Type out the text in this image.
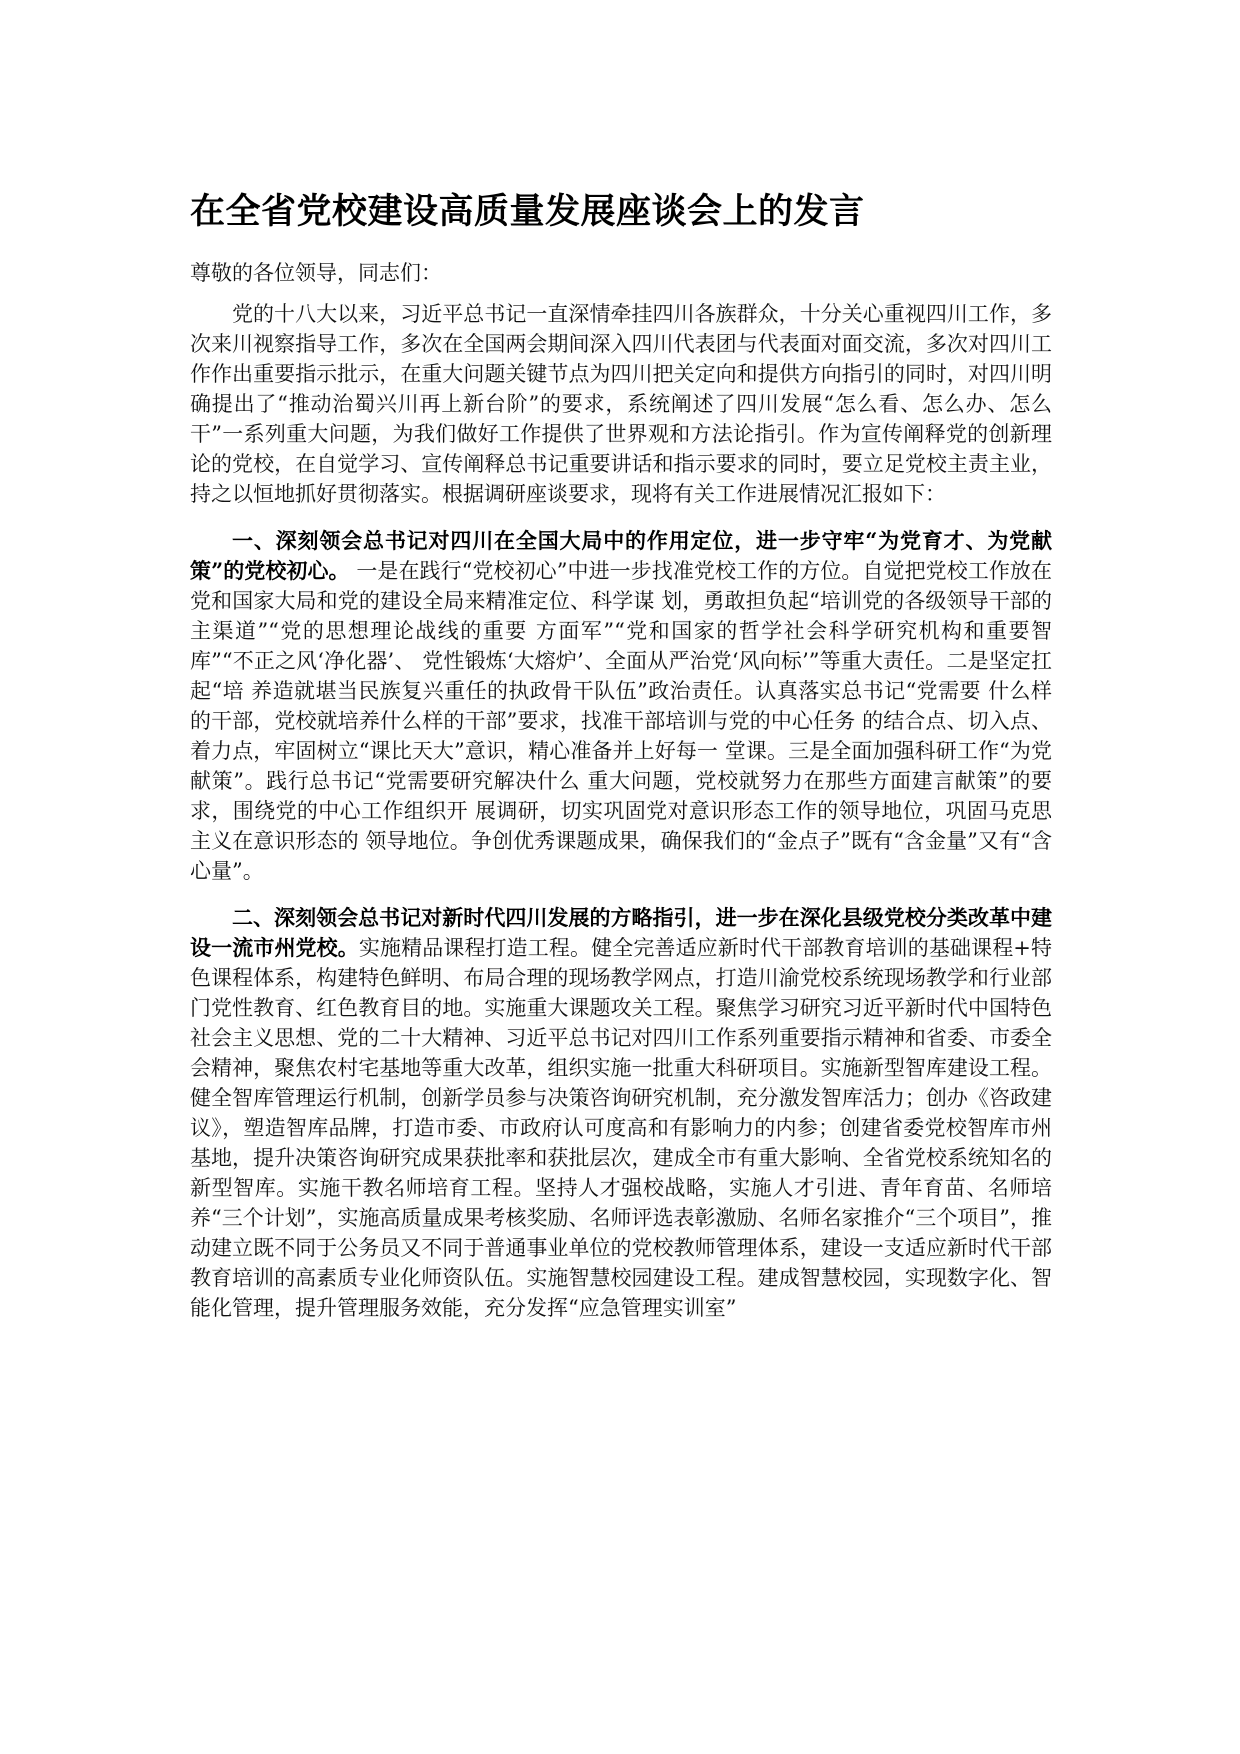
在全省党校建设高质量发展座谈会上的发言
尊敬的各位领导，同志们：

党的十八大以来，习近平总书记一直深情牵挂四川各族群众，十分关心重视四川工作，多次来川视察指导工作，多次在全国两会期间深入四川代表团与代表面对面交流，多次对四川工作作出重要指示批示，在重大问题关键节点为四川把关定向和提供方向指引的同时，对四川明确提出了“推动治蜀兴川再上新台阶”的要求，系统阐述了四川发展“怎么看、怎么办、怎么干”一系列重大问题，为我们做好工作提供了世界观和方法论指引。作为宣传阐释党的创新理论的党校，在自觉学习、宣传阐释总书记重要讲话和指示要求的同时，要立足党校主责主业，持之以恒地抓好贯彻落实。根据调研座谈要求，现将有关工作进展情况汇报如下：

一、深刻领会总书记对四川在全国大局中的作用定位，进一步守牢“为党育才、为党献策”的党校初心。 一是在践行“党校初心”中进一步找准党校工作的方位。自觉把党校工作放在党和国家大局和党的建设全局来精准定位、科学谋 划，勇敢担负起“培训党的各级领导干部的主渠道”“党的思想理论战线的重要 方面军”“党和国家的哲学社会科学研究机构和重要智库”“不正之风‘净化器’、 党性锻炼‘大熔炉’、全面从严治党‘风向标’”等重大责任。二是坚定扛起“培 养造就堪当民族复兴重任的执政骨干队伍”政治责任。认真落实总书记“党需要 什么样的干部，党校就培养什么样的干部”要求，找准干部培训与党的中心任务 的结合点、切入点、着力点，牢固树立“课比天大”意识，精心准备并上好每一 堂课。三是全面加强科研工作“为党献策”。践行总书记“党需要研究解决什么 重大问题，党校就努力在那些方面建言献策”的要求，围绕党的中心工作组织开 展调研，切实巩固党对意识形态工作的领导地位，巩固马克思主义在意识形态的 领导地位。争创优秀课题成果，确保我们的“金点子”既有“含金量”又有“含 心量”。

二、深刻领会总书记对新时代四川发展的方略指引，进一步在深化县级党校分类改革中建设一流市州党校。实施精品课程打造工程。健全完善适应新时代干部教育培训的基础课程+特色课程体系，构建特色鲜明、布局合理的现场教学网点，打造川渝党校系统现场教学和行业部门党性教育、红色教育目的地。实施重大课题攻关工程。聚焦学习研究习近平新时代中国特色社会主义思想、党的二十大精神、习近平总书记对四川工作系列重要指示精神和省委、市委全会精神，聚焦农村宅基地等重大改革，组织实施一批重大科研项目。实施新型智库建设工程。健全智库管理运行机制，创新学员参与决策咨询研究机制，充分激发智库活力；创办《咨政建议》，塑造智库品牌，打造市委、市政府认可度高和有影响力的内参；创建省委党校智库市州基地，提升决策咨询研究成果获批率和获批层次，建成全市有重大影响、全省党校系统知名的新型智库。实施干教名师培育工程。坚持人才强校战略，实施人才引进、青年育苗、名师培养“三个计划”，实施高质量成果考核奖励、名师评选表彰激励、名师名家推介“三个项目”，推动建立既不同于公务员又不同于普通事业单位的党校教师管理体系，建设一支适应新时代干部教育培训的高素质专业化师资队伍。实施智慧校园建设工程。建成智慧校园，实现数字化、智能化管理，提升管理服务效能，充分发挥“应急管理实训室”
